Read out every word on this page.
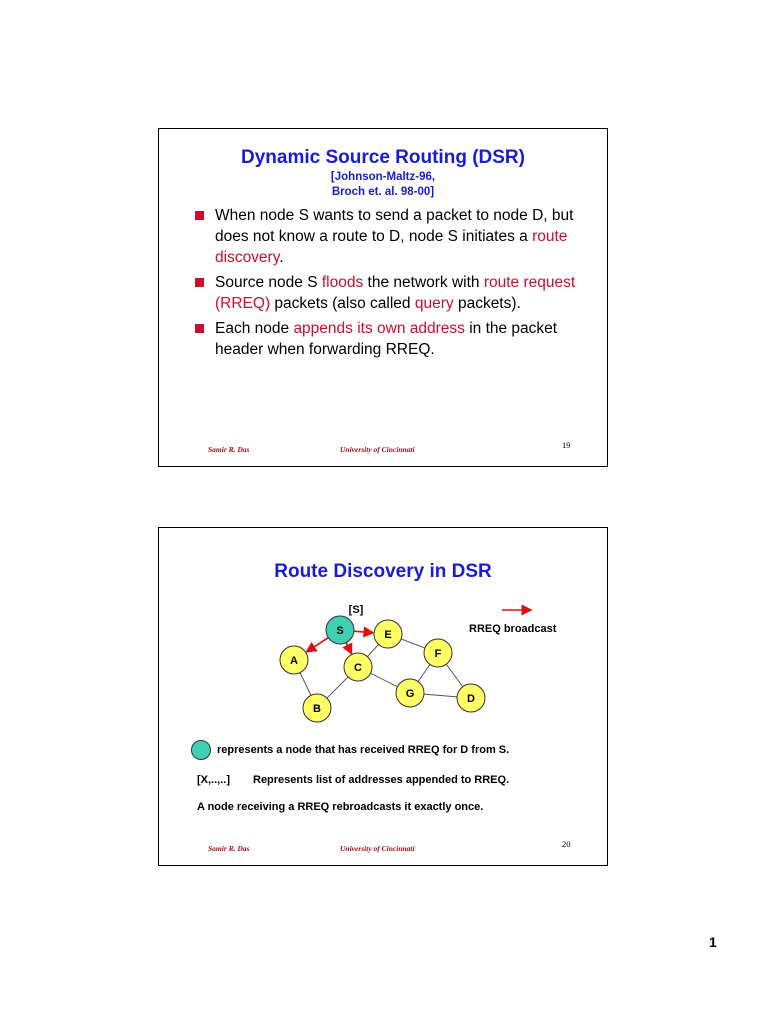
Dynamic Source Routing (DSR)
[Johnson-Maltz-96,
Broch et. al. 98-00]
When node S wants to send a packet to node D, but does not know a route to D, node S initiates a route discovery.
Source node S floods the network with route request (RREQ) packets (also called query packets).
Each node appends its own address in the packet header when forwarding RREQ.
Samir R. Das	University of Cincinnati	19
Route Discovery in DSR
S	E
A
C
F
G	D
B
[S]
RREQ broadcast
represents a node that has received RREQ for D from S.
[X,..,..] Represents list of addresses appended to RREQ.
A node receiving a RREQ rebroadcasts it exactly once.
Samir R. Das	University of Cincinnati	20
1
